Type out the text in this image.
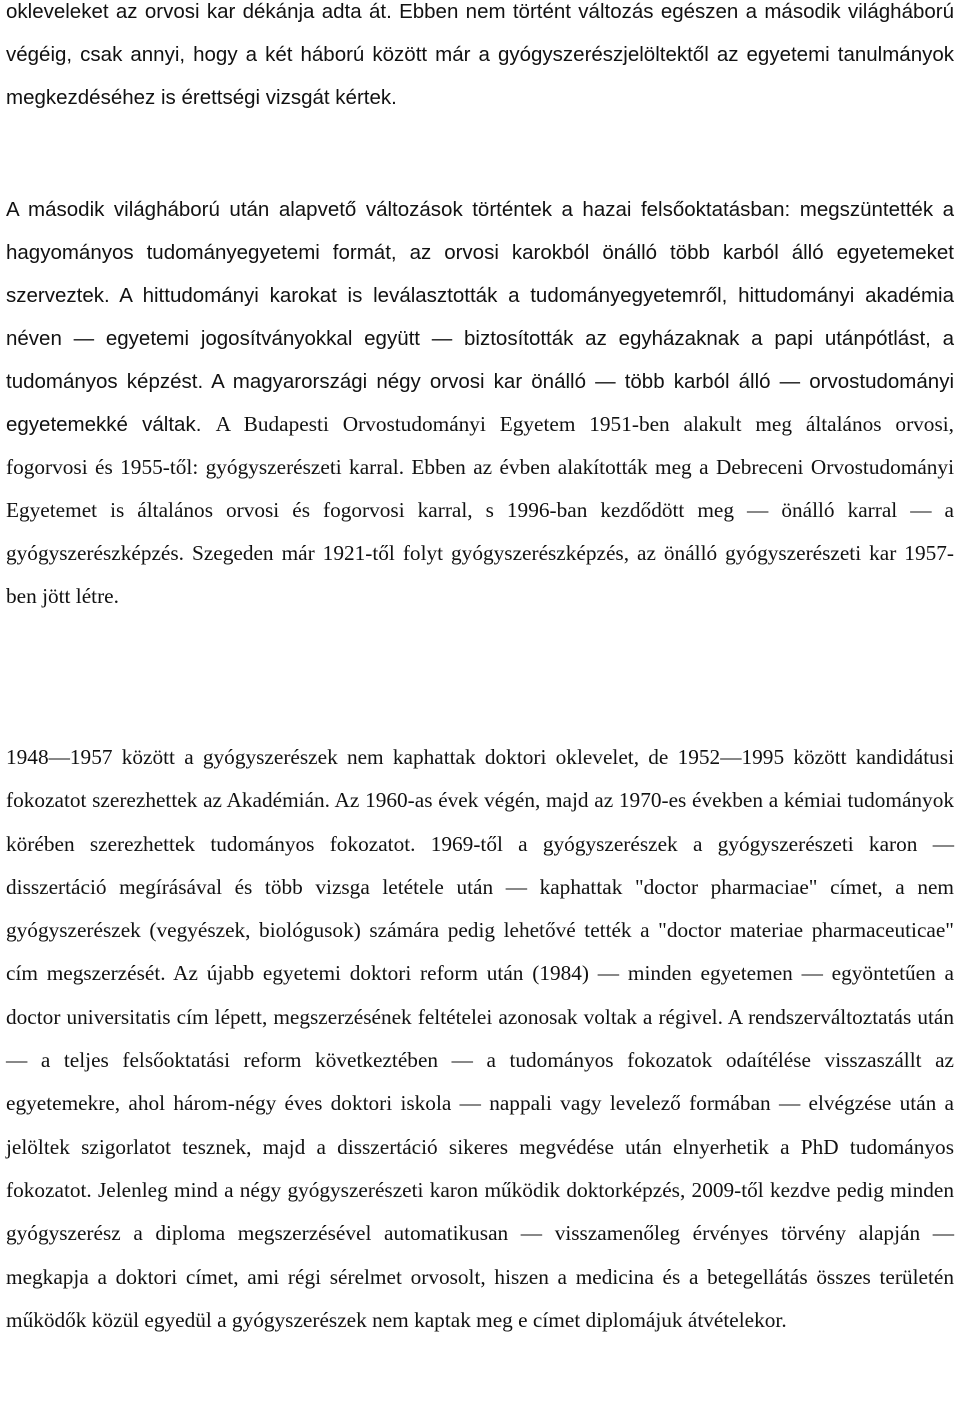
okleveleket az orvosi kar dékánja adta át. Ebben nem történt változás egészen a második világháború végéig, csak annyi, hogy a két háború között már a gyógyszerészjelöltektől az egyetemi tanulmányok megkezdéséhez is érettségi vizsgát kértek.

A második világháború után alapvető változások történtek a hazai felsőoktatásban: megszüntették a hagyományos tudományegyetemi formát, az orvosi karokból önálló több karból álló egyetemeket szerveztek. A hittudományi karokat is leválasztották a tudományegyetemről, hittudományi akadémia néven ― egyetemi jogosítványokkal együtt ― biztosították az egyházaknak a papi utánpótlást, a tudományos képzést. A magyarországi négy orvosi kar önálló ― több karból álló ― orvostudományi egyetemekké váltak. A Budapesti Orvostudományi Egyetem 1951-ben alakult meg általános orvosi, fogorvosi és 1955-től: gyógyszerészeti karral. Ebben az évben alakították meg a Debreceni Orvostudományi Egyetemet is általános orvosi és fogorvosi karral, s 1996-ban kezdődött meg ― önálló karral ― a gyógyszerészképzés. Szegeden már 1921-től folyt gyógyszerészképzés, az önálló gyógyszerészeti kar 1957-ben jött létre.

1948―1957 között a gyógyszerészek nem kaphattak doktori oklevelet, de 1952―1995 között kandidátusi fokozatot szerezhettek az Akadémián. Az 1960-as évek végén, majd az 1970-es években a kémiai tudományok körében szerezhettek tudományos fokozatot. 1969-től a gyógyszerészek a gyógyszerészeti karon ― disszertáció megírásával és több vizsga letétele után ― kaphattak "doctor pharmaciae" címet, a nem gyógyszerészek (vegyészek, biológusok) számára pedig lehetővé tették a "doctor materiae pharmaceuticae" cím megszerzését. Az újabb egyetemi doktori reform után (1984) ― minden egyetemen ― egyöntetűen a doctor universitatis cím lépett, megszerzésének feltételei azonosak voltak a régivel. A rendszerváltoztatás után ― a teljes felsőoktatási reform következtében ― a tudományos fokozatok odaítélése visszaszállt az egyetemekre, ahol három-négy éves doktori iskola ― nappali vagy levelező formában ― elvégzése után a jelöltek szigorlatot tesznek, majd a disszertáció sikeres megvédése után elnyerhetik a PhD tudományos fokozatot. Jelenleg mind a négy gyógyszerészeti karon működik doktorképzés, 2009-től kezdve pedig minden gyógyszerész a diploma megszerzésével automatikusan ― visszamenőleg érvényes törvény alapján ― megkapja a doktori címet, ami régi sérelmet orvosolt, hiszen a medicina és a betegellátás összes területén működők közül egyedül a gyógyszerészek nem kaptak meg e címet diplomájuk átvételekor.
